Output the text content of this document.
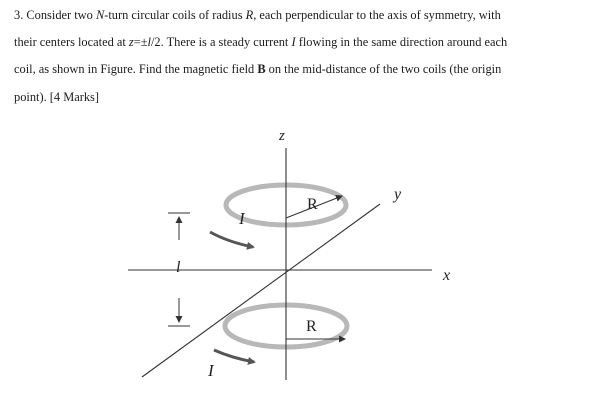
3. Consider two N-turn circular coils of radius R, each perpendicular to the axis of symmetry, with
their centers located at z=±l/2. There is a steady current I flowing in the same direction around each
coil, as shown in Figure. Find the magnetic field B on the mid-distance of the two coils (the origin
point). [4 Marks]
z
y
x
R
R
I
I
l
